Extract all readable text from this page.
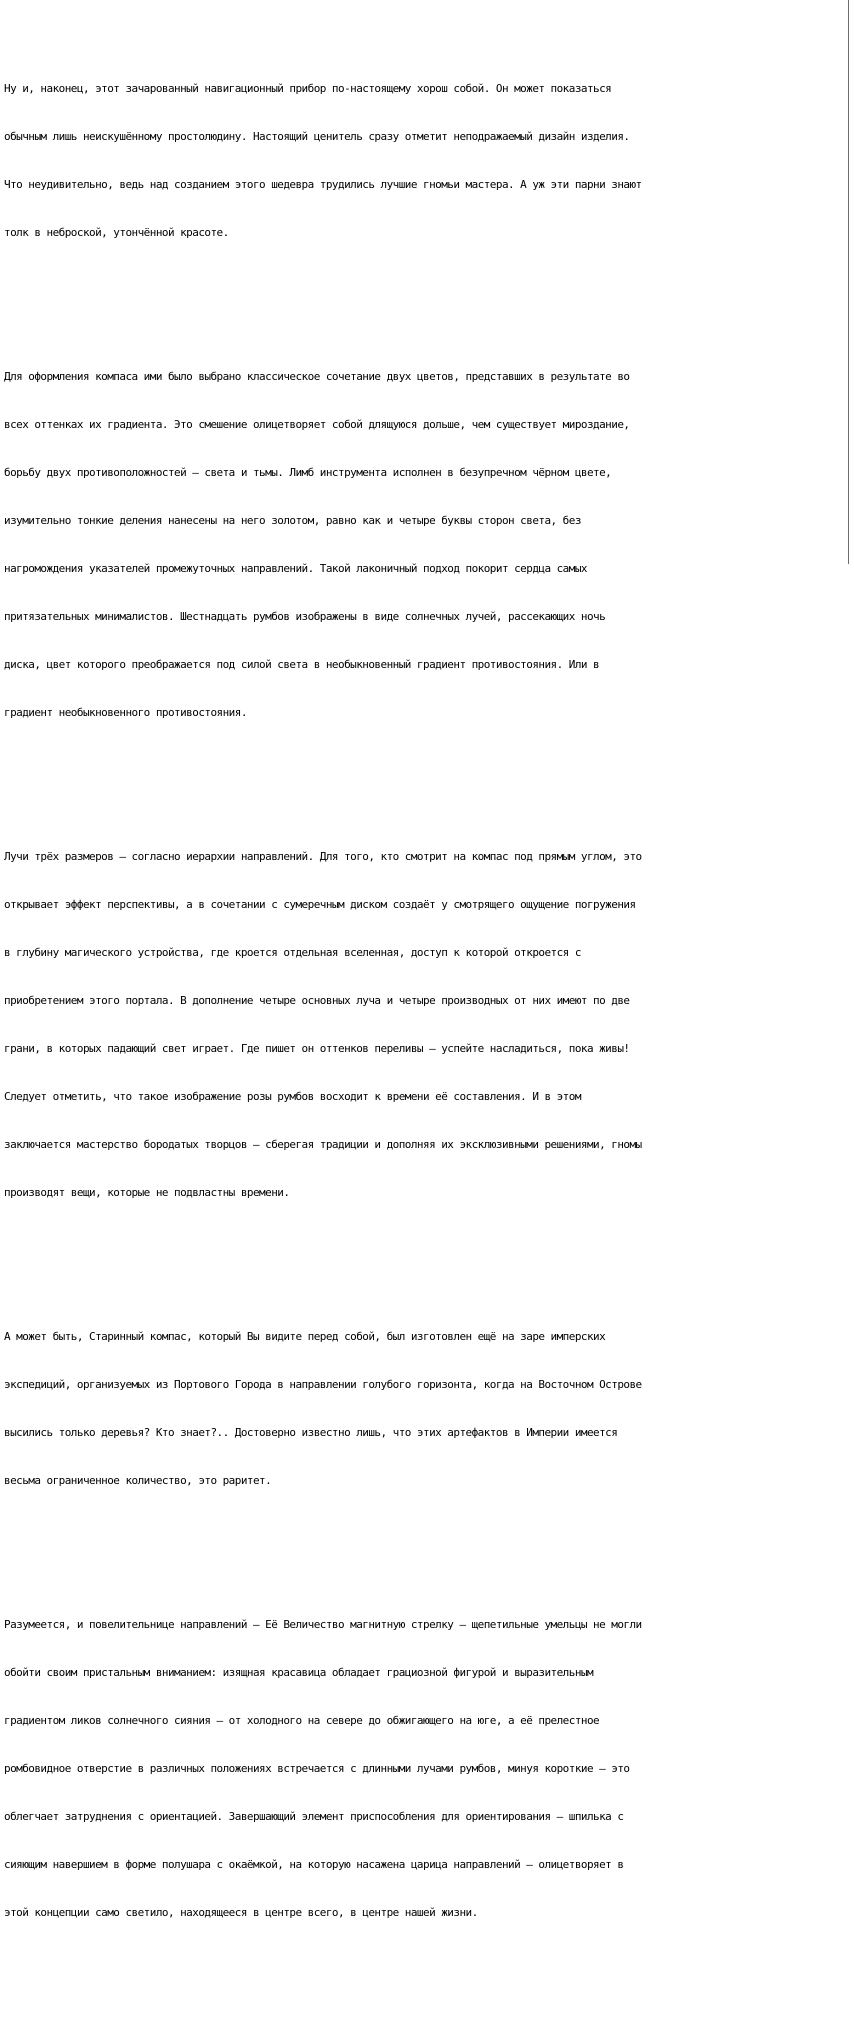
Ну и, наконец, этот зачарованный навигационный прибор по-настоящему хорош собой. Он может показаться

обычным лишь неискушённому простолюдину. Настоящий ценитель сразу отметит неподражаемый дизайн изделия.

Что неудивительно, ведь над созданием этого шедевра трудились лучшие гномьи мастера. А уж эти парни знают

толк в неброской, утончённой красоте.

Для оформления компаса ими было выбрано классическое сочетание двух цветов, представших в результате во

всех оттенках их градиента. Это смешение олицетворяет собой длящуюся дольше, чем существует мироздание,

борьбу двух противоположностей — света и тьмы. Лимб инструмента исполнен в безупречном чёрном цвете,

изумительно тонкие деления нанесены на него золотом, равно как и четыре буквы сторон света, без

нагромождения указателей промежуточных направлений. Такой лаконичный подход покорит сердца самых

притязательных минималистов. Шестнадцать румбов изображены в виде солнечных лучей, рассекающих ночь

диска, цвет которого преображается под силой света в необыкновенный градиент противостояния. Или в

градиент необыкновенного противостояния.

Лучи трёх размеров — согласно иерархии направлений. Для того, кто смотрит на компас под прямым углом, это

открывает эффект перспективы, а в сочетании с сумеречным диском создаёт у смотрящего ощущение погружения

в глубину магического устройства, где кроется отдельная вселенная, доступ к которой откроется с

приобретением этого портала. В дополнение четыре основных луча и четыре производных от них имеют по две

грани, в которых падающий свет играет. Где пишет он оттенков переливы — успейте насладиться, пока живы!

Следует отметить, что такое изображение розы румбов восходит к времени её составления. И в этом

заключается мастерство бородатых творцов — сберегая традиции и дополняя их эксклюзивными решениями, гномы

производят вещи, которые не подвластны времени.

А может быть, Старинный компас, который Вы видите перед собой, был изготовлен ещё на заре имперских

экспедиций, организуемых из Портового Города в направлении голубого горизонта, когда на Восточном Острове

высились только деревья? Кто знает?.. Достоверно известно лишь, что этих артефактов в Империи имеется

весьма ограниченное количество, это раритет.

Разумеется, и повелительнице направлений — Её Величество магнитную стрелку — щепетильные умельцы не могли

обойти своим пристальным вниманием: изящная красавица обладает грациозной фигурой и выразительным

градиентом ликов солнечного сияния — от холодного на севере до обжигающего на юге, а её прелестное

ромбовидное отверстие в различных положениях встречается с длинными лучами румбов, минуя короткие — это

облегчает затруднения с ориентацией. Завершающий элемент приспособления для ориентирования — шпилька с

сияющим навершием в форме полушара с окаёмкой, на которую насажена царица направлений — олицетворяет в

этой концепции само светило, находящееся в центре всего, в центре нашей жизни.
